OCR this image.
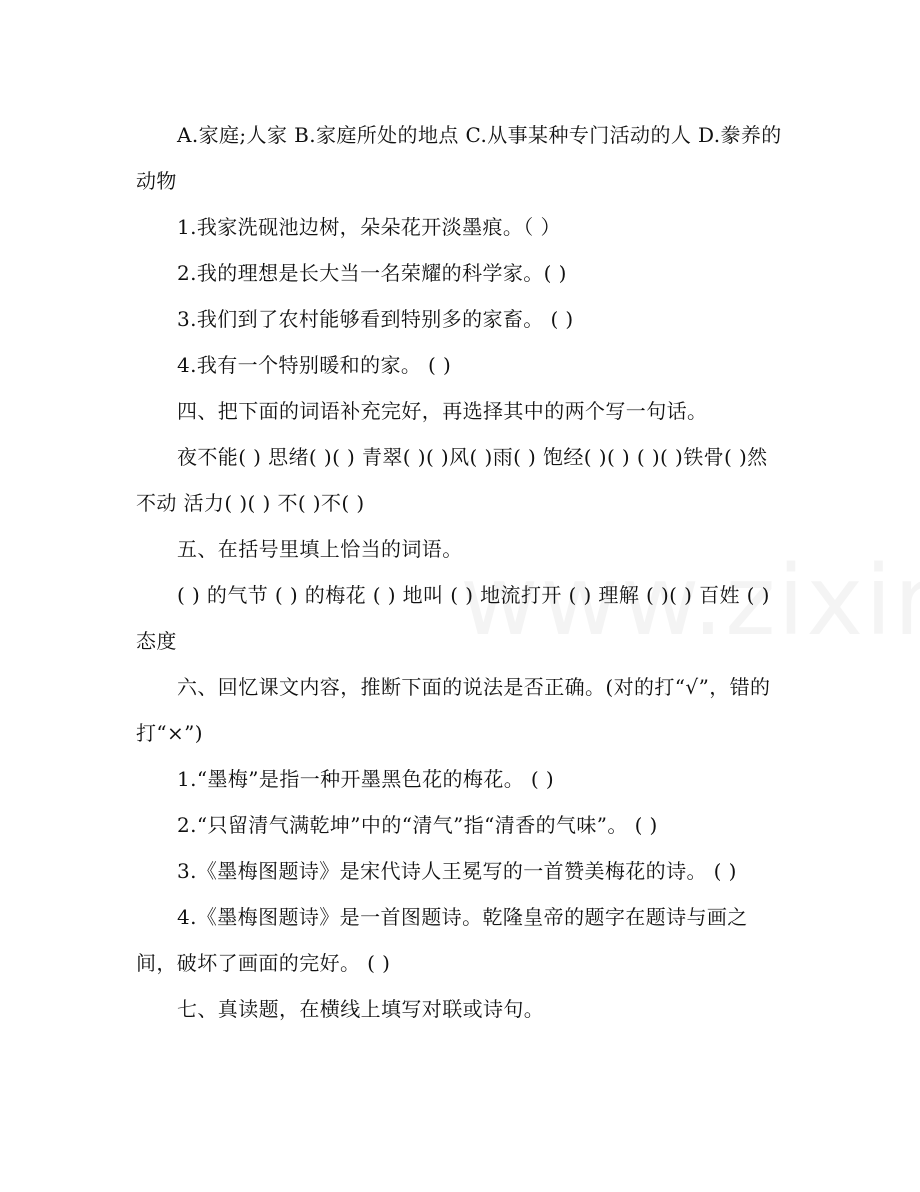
A.家庭;人家 B.家庭所处的地点 C.从事某种专门活动的人 D.豢养的动物

1.我家洗砚池边树，朵朵花开淡墨痕。（ ）

2.我的理想是长大当一名荣耀的科学家。( )

3.我们到了农村能够看到特别多的家畜。 ( )

4.我有一个特别暖和的家。 ( )

四、把下面的词语补充完好，再选择其中的两个写一句话。

夜不能( ) 思绪( )( ) 青翠( )( )风( )雨( ) 饱经( )( ) ( )( )铁骨( )然不动 活力( )( ) 不( )不( )

五、在括号里填上恰当的词语。

( ) 的气节 ( ) 的梅花 ( ) 地叫 ( ) 地流打开 ( ) 理解 ( )( ) 百姓 ( ) 态度

六、回忆课文内容，推断下面的说法是否正确。(对的打“√”，错的打“×”)

1.“墨梅”是指一种开墨黑色花的梅花。 ( )

2.“只留清气满乾坤”中的“清气”指“清香的气味”。 ( )

3.《墨梅图题诗》是宋代诗人王冕写的一首赞美梅花的诗。 ( )

4.《墨梅图题诗》是一首图题诗。乾隆皇帝的题字在题诗与画之间，破坏了画面的完好。 ( )

七、真读题，在横线上填写对联或诗句。
